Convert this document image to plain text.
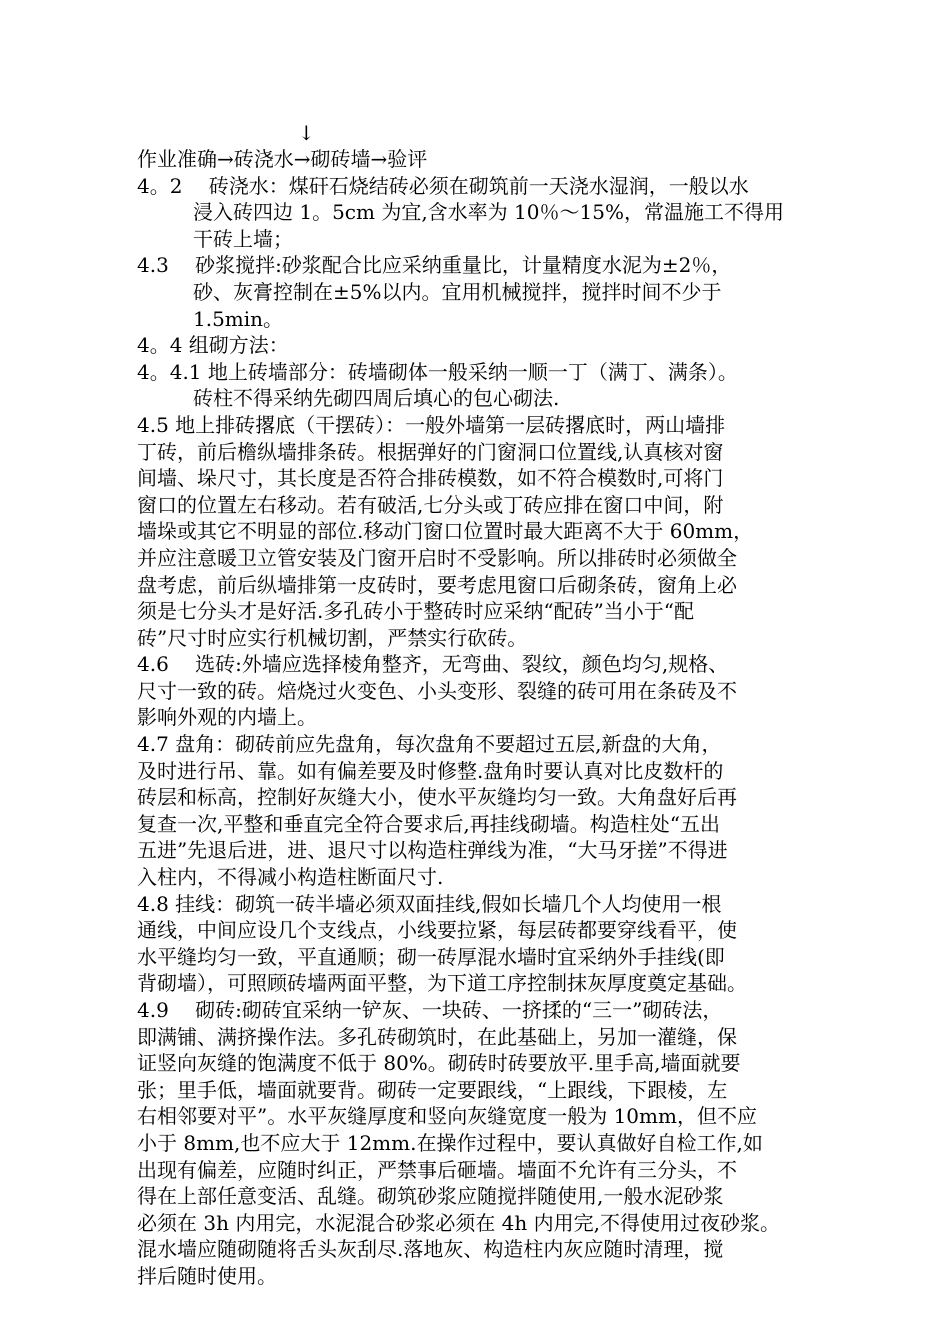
↓
作业准确→砖浇水→砌砖墙→验评
4。2　 砖浇水：煤矸石烧结砖必须在砌筑前一天浇水湿润，一般以水
浸入砖四边 1。5cm 为宜,含水率为 10％～15%，常温施工不得用
干砖上墙；
4.3　 砂浆搅拌:砂浆配合比应采纳重量比，计量精度水泥为±2％，
砂、灰膏控制在±5%以内。宜用机械搅拌，搅拌时间不少于
1.5min。
4。4 组砌方法：
4。4.1 地上砖墙部分：砖墙砌体一般采纳一顺一丁（满丁、满条）。
砖柱不得采纳先砌四周后填心的包心砌法.
4.5 地上排砖撂底（干摆砖）：一般外墙第一层砖撂底时，两山墙排
丁砖，前后檐纵墙排条砖。根据弹好的门窗洞口位置线,认真核对窗
间墙、垛尺寸，其长度是否符合排砖模数，如不符合模数时,可将门
窗口的位置左右移动。若有破活,七分头或丁砖应排在窗口中间，附
墙垛或其它不明显的部位.移动门窗口位置时最大距离不大于 60mm，
并应注意暖卫立管安装及门窗开启时不受影响。所以排砖时必须做全
盘考虑，前后纵墙排第一皮砖时，要考虑甩窗口后砌条砖，窗角上必
须是七分头才是好活.多孔砖小于整砖时应采纳“配砖”当小于“配
砖”尺寸时应实行机械切割，严禁实行砍砖。
4.6　 选砖:外墙应选择棱角整齐，无弯曲、裂纹，颜色均匀,规格、
尺寸一致的砖。焙烧过火变色、小头变形、裂缝的砖可用在条砖及不
影响外观的内墙上。
4.7 盘角：砌砖前应先盘角，每次盘角不要超过五层,新盘的大角，
及时进行吊、靠。如有偏差要及时修整.盘角时要认真对比皮数杆的
砖层和标高，控制好灰缝大小，使水平灰缝均匀一致。大角盘好后再
复查一次,平整和垂直完全符合要求后,再挂线砌墙。构造柱处“五出
五进”先退后进，进、退尺寸以构造柱弹线为准，“大马牙搓”不得进
入柱内，不得减小构造柱断面尺寸.
4.8 挂线：砌筑一砖半墙必须双面挂线,假如长墙几个人均使用一根
通线，中间应设几个支线点，小线要拉紧，每层砖都要穿线看平，使
水平缝均匀一致，平直通顺；砌一砖厚混水墙时宜采纳外手挂线(即
背砌墙），可照顾砖墙两面平整，为下道工序控制抹灰厚度奠定基础。
4.9　 砌砖:砌砖宜采纳一铲灰、一块砖、一挤揉的“三一”砌砖法，
即满铺、满挤操作法。多孔砖砌筑时，在此基础上，另加一灌缝，保
证竖向灰缝的饱满度不低于 80%。砌砖时砖要放平.里手高,墙面就要
张；里手低，墙面就要背。砌砖一定要跟线，“上跟线，下跟棱，左
右相邻要对平”。水平灰缝厚度和竖向灰缝宽度一般为 10mm，但不应
小于 8mm,也不应大于 12mm.在操作过程中，要认真做好自检工作,如
出现有偏差，应随时纠正，严禁事后砸墙。墙面不允许有三分头，不
得在上部任意变活、乱缝。砌筑砂浆应随搅拌随使用,一般水泥砂浆
必须在 3h 内用完，水泥混合砂浆必须在 4h 内用完,不得使用过夜砂浆。
混水墙应随砌随将舌头灰刮尽.落地灰、构造柱内灰应随时清理，搅
拌后随时使用。
